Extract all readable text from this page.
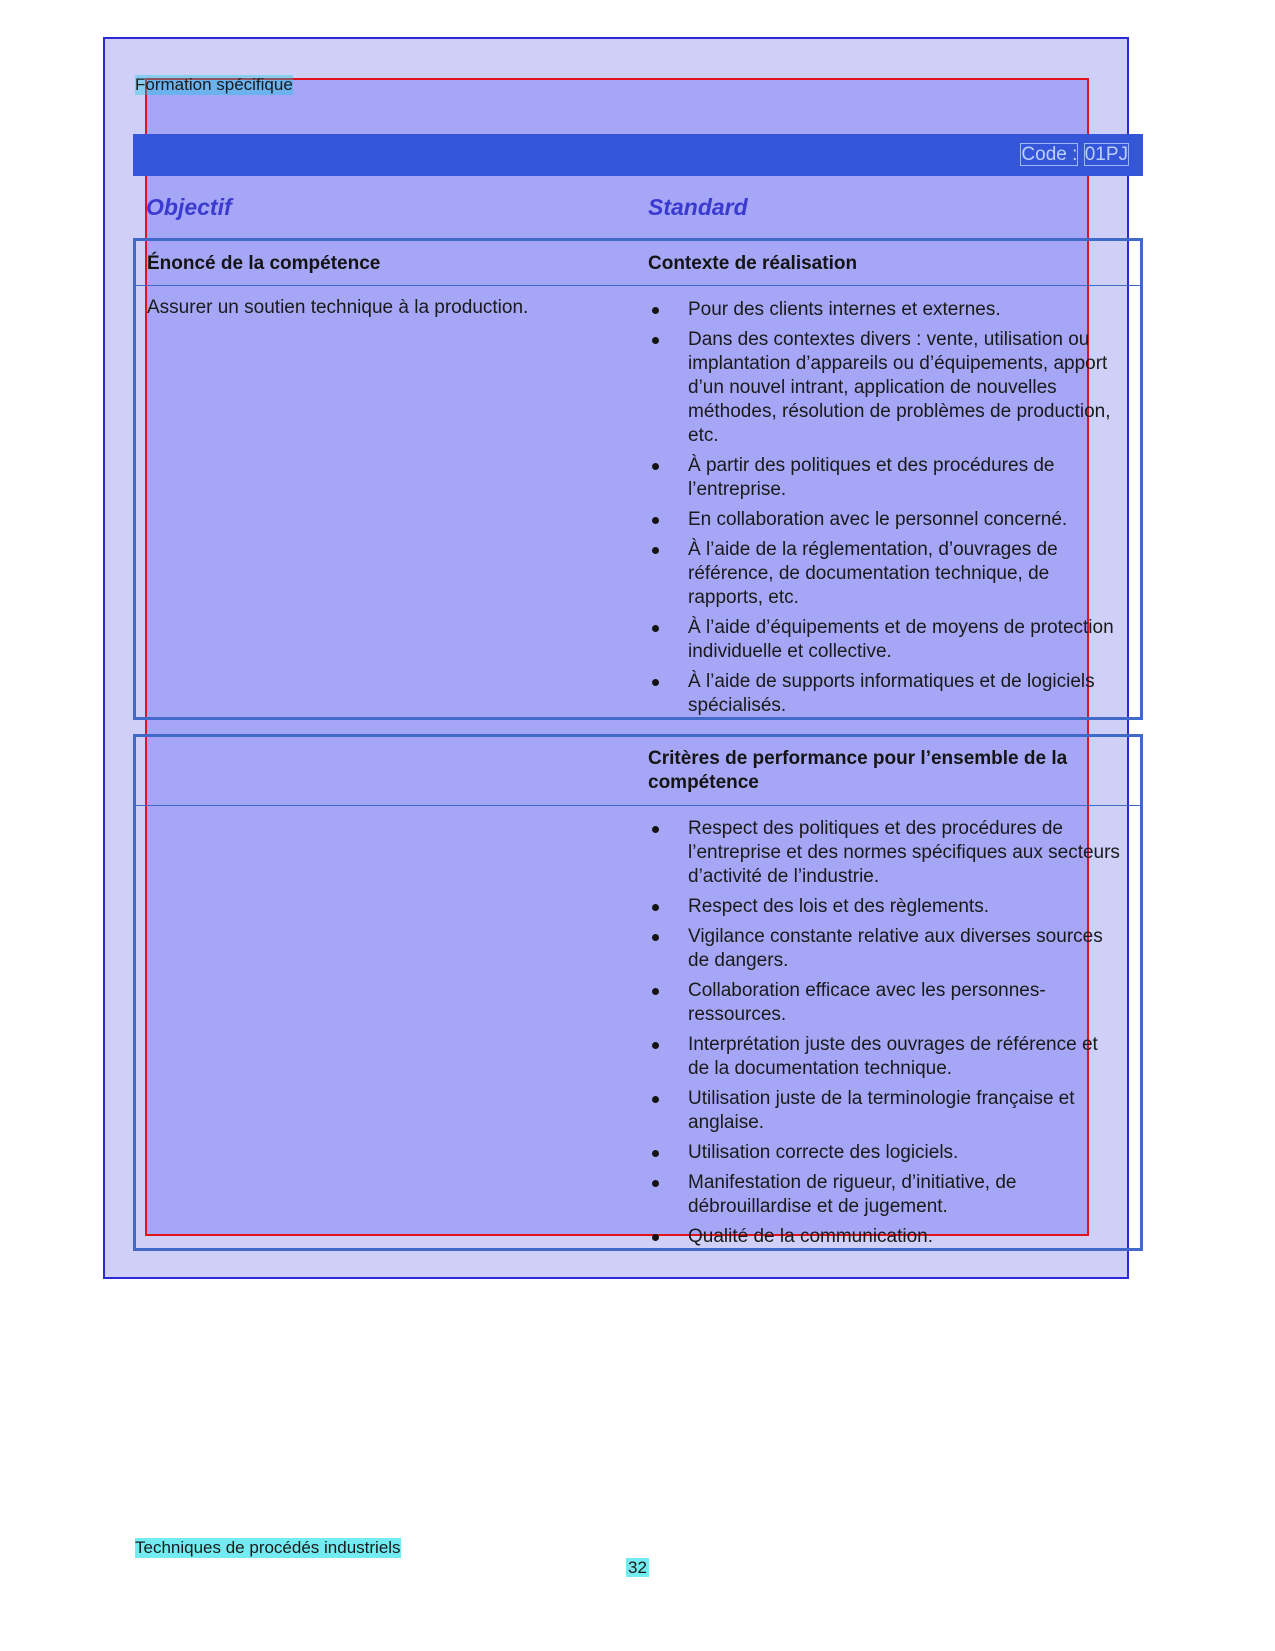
Formation spécifique
Code : 01PJ
Objectif	Standard
Énoncé de la compétence	Contexte de réalisation
Assurer un soutien technique à la production.	Pour des clients internes et externes.
Dans des contextes divers : vente, utilisation ou implantation d’appareils ou d’équipements, apport d’un nouvel intrant, application de nouvelles méthodes, résolution de problèmes de production, etc.
À partir des politiques et des procédures de l’entreprise.
En collaboration avec le personnel concerné.
À l’aide de la réglementation, d’ouvrages de référence, de documentation technique, de rapports, etc.
À l’aide d’équipements et de moyens de protection individuelle et collective.
À l’aide de supports informatiques et de logiciels spécialisés.
Critères de performance pour l’ensemble de la compétence
Respect des politiques et des procédures de l’entreprise et des normes spécifiques aux secteurs d’activité de l’industrie.
Respect des lois et des règlements.
Vigilance constante relative aux diverses sources de dangers.
Collaboration efficace avec les personnes-ressources.
Interprétation juste des ouvrages de référence et de la documentation technique.
Utilisation juste de la terminologie française et anglaise.
Utilisation correcte des logiciels.
Manifestation de rigueur, d’initiative, de débrouillardise et de jugement.
Qualité de la communication.
Techniques de procédés industriels
32
